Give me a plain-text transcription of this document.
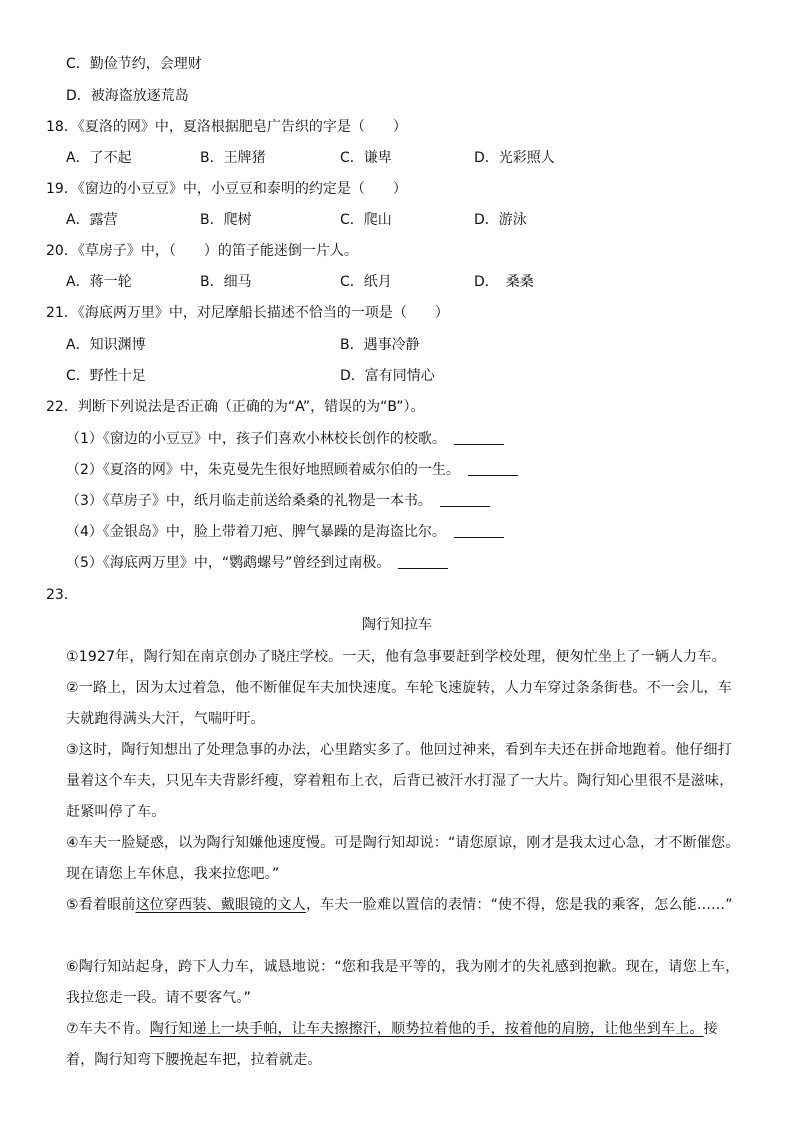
C．勤俭节约，会理财
D．被海盗放逐荒岛
18．《夏洛的网》中，夏洛根据肥皂广告织的字是（　　）
A．了不起	B．王牌猪	C．谦卑	D．光彩照人
19．《窗边的小豆豆》中，小豆豆和泰明的约定是（　　）
A．露营	B．爬树	C．爬山	D．游泳
20．《草房子》中，（　　）的笛子能迷倒一片人。
A．蒋一轮	B．细马	C．纸月	D．　桑桑
21．《海底两万里》中，对尼摩船长描述不恰当的一项是（　　）
A．知识渊博	B．遇事冷静
C．野性十足	D．富有同情心
22．判断下列说法是否正确（正确的为“A”，错误的为“B”）。
（1）《窗边的小豆豆》中，孩子们喜欢小林校长创作的校歌。
（2）《夏洛的网》中，朱克曼先生很好地照顾着威尔伯的一生。
（3）《草房子》中，纸月临走前送给桑桑的礼物是一本书。
（4）《金银岛》中，脸上带着刀疤、脾气暴躁的是海盗比尔。
（5）《海底两万里》中，“鹦鹉螺号”曾经到过南极。
23．
陶行知拉车
①1927年，陶行知在南京创办了晓庄学校。一天，他有急事要赶到学校处理，便匆忙坐上了一辆人力车。
②一路上，因为太过着急，他不断催促车夫加快速度。车轮飞速旋转，人力车穿过条条街巷。不一会儿，车夫就跑得满头大汗，气喘吁吁。
③这时，陶行知想出了处理急事的办法，心里踏实多了。他回过神来，看到车夫还在拼命地跑着。他仔细打量着这个车夫，只见车夫背影纤瘦，穿着粗布上衣，后背已被汗水打湿了一大片。陶行知心里很不是滋味，赶紧叫停了车。
④车夫一脸疑惑，以为陶行知嫌他速度慢。可是陶行知却说：“请您原谅，刚才是我太过心急，才不断催您。现在请您上车休息，我来拉您吧。”
⑤看着眼前这位穿西装、戴眼镜的文人，车夫一脸难以置信的表情：“使不得，您是我的乘客，怎么能……”
⑥陶行知站起身，跨下人力车，诚恳地说：“您和我是平等的，我为刚才的失礼感到抱歉。现在，请您上车，我拉您走一段。请不要客气。”
⑦车夫不肯。陶行知递上一块手帕，让车夫擦擦汗，顺势拉着他的手，按着他的肩膀，让他坐到车上。接着，陶行知弯下腰挽起车把，拉着就走。
